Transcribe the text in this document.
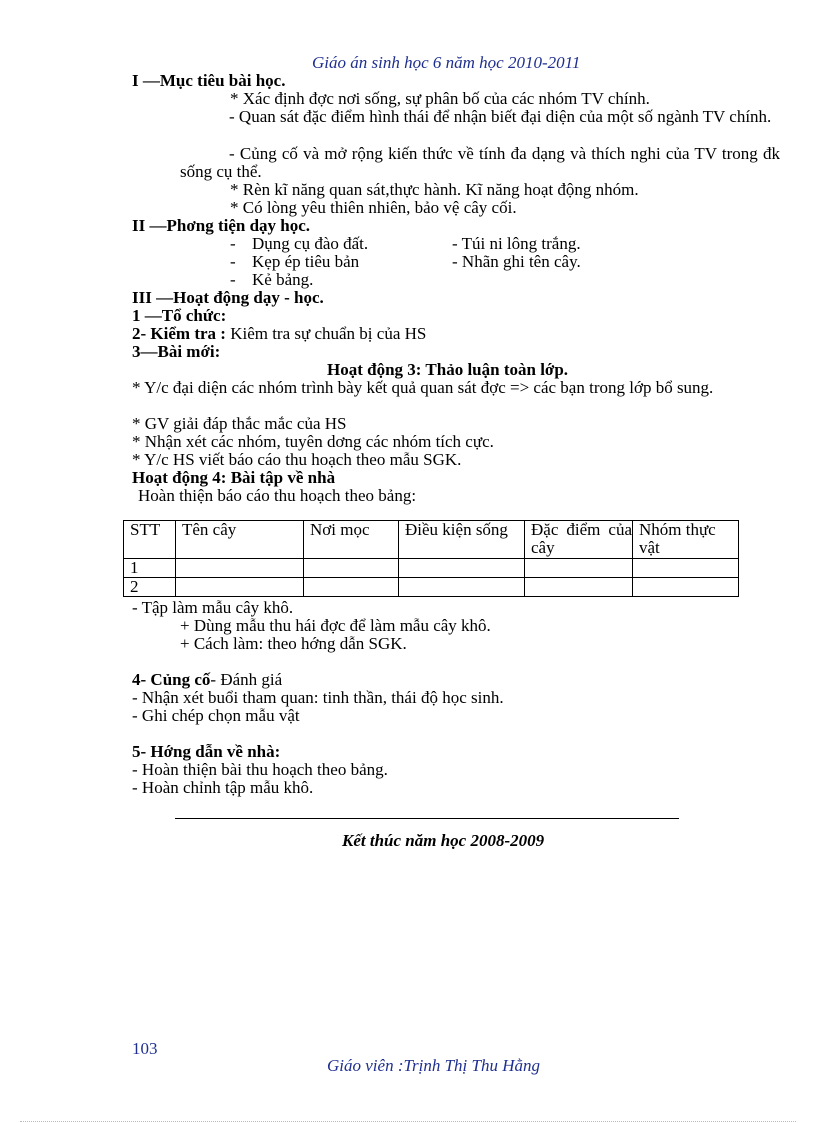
Giáo án sinh học 6 năm học 2010-2011
I —Mục tiêu bài học.
* Xác định đợc nơi sống, sự phân bố của các nhóm TV chính.
- Quan sát đặc điểm hình thái để nhận biết đại diện của một số ngành TV chính.
- Củng cố và mở rộng kiến thức về tính đa dạng và thích nghi của TV trong đk sống cụ thể.
* Rèn kĩ năng quan sát,thực hành. Kĩ năng hoạt động nhóm.
* Có lòng yêu thiên nhiên, bảo vệ cây cối.
II —Phơng tiện dạy học.
- Dụng cụ đào đất.	- Túi ni lông trắng.
- Kẹp ép tiêu bản	- Nhãn ghi tên cây.
- Kẻ bảng.
III —Hoạt động dạy - học.
1 —Tổ chức:
2- Kiểm tra : Kiêm tra sự chuẩn bị của HS
3—Bài mới:
Hoạt động 3: Thảo luận toàn lớp.
* Y/c đại diện các nhóm trình bày kết quả quan sát đợc => các bạn trong lớp bổ sung.
* GV giải đáp thắc mắc của HS
* Nhận xét các nhóm, tuyên dơng các nhóm tích cực.
* Y/c HS viết báo cáo thu hoạch theo mẫu SGK.
Hoạt động 4: Bài tập về nhà
Hoàn thiện báo cáo thu hoạch theo bảng:
STT	Tên cây	Nơi mọc	Điều kiện sống	Đặc điểm của cây	Nhóm thực vật
1					
2					
- Tập làm mẫu cây khô.
+ Dùng mẫu thu hái đợc để làm mẫu cây khô.
+ Cách làm: theo hớng dẫn SGK.
4- Củng cố- Đánh giá
- Nhận xét buổi tham quan: tinh thần, thái độ học sinh.
- Ghi chép chọn mẫu vật
5- Hớng dẫn về nhà:
- Hoàn thiện bài thu hoạch theo bảng.
- Hoàn chỉnh tập mẫu khô.
Kết thúc năm học 2008-2009
103
Giáo viên :Trịnh Thị Thu Hằng
